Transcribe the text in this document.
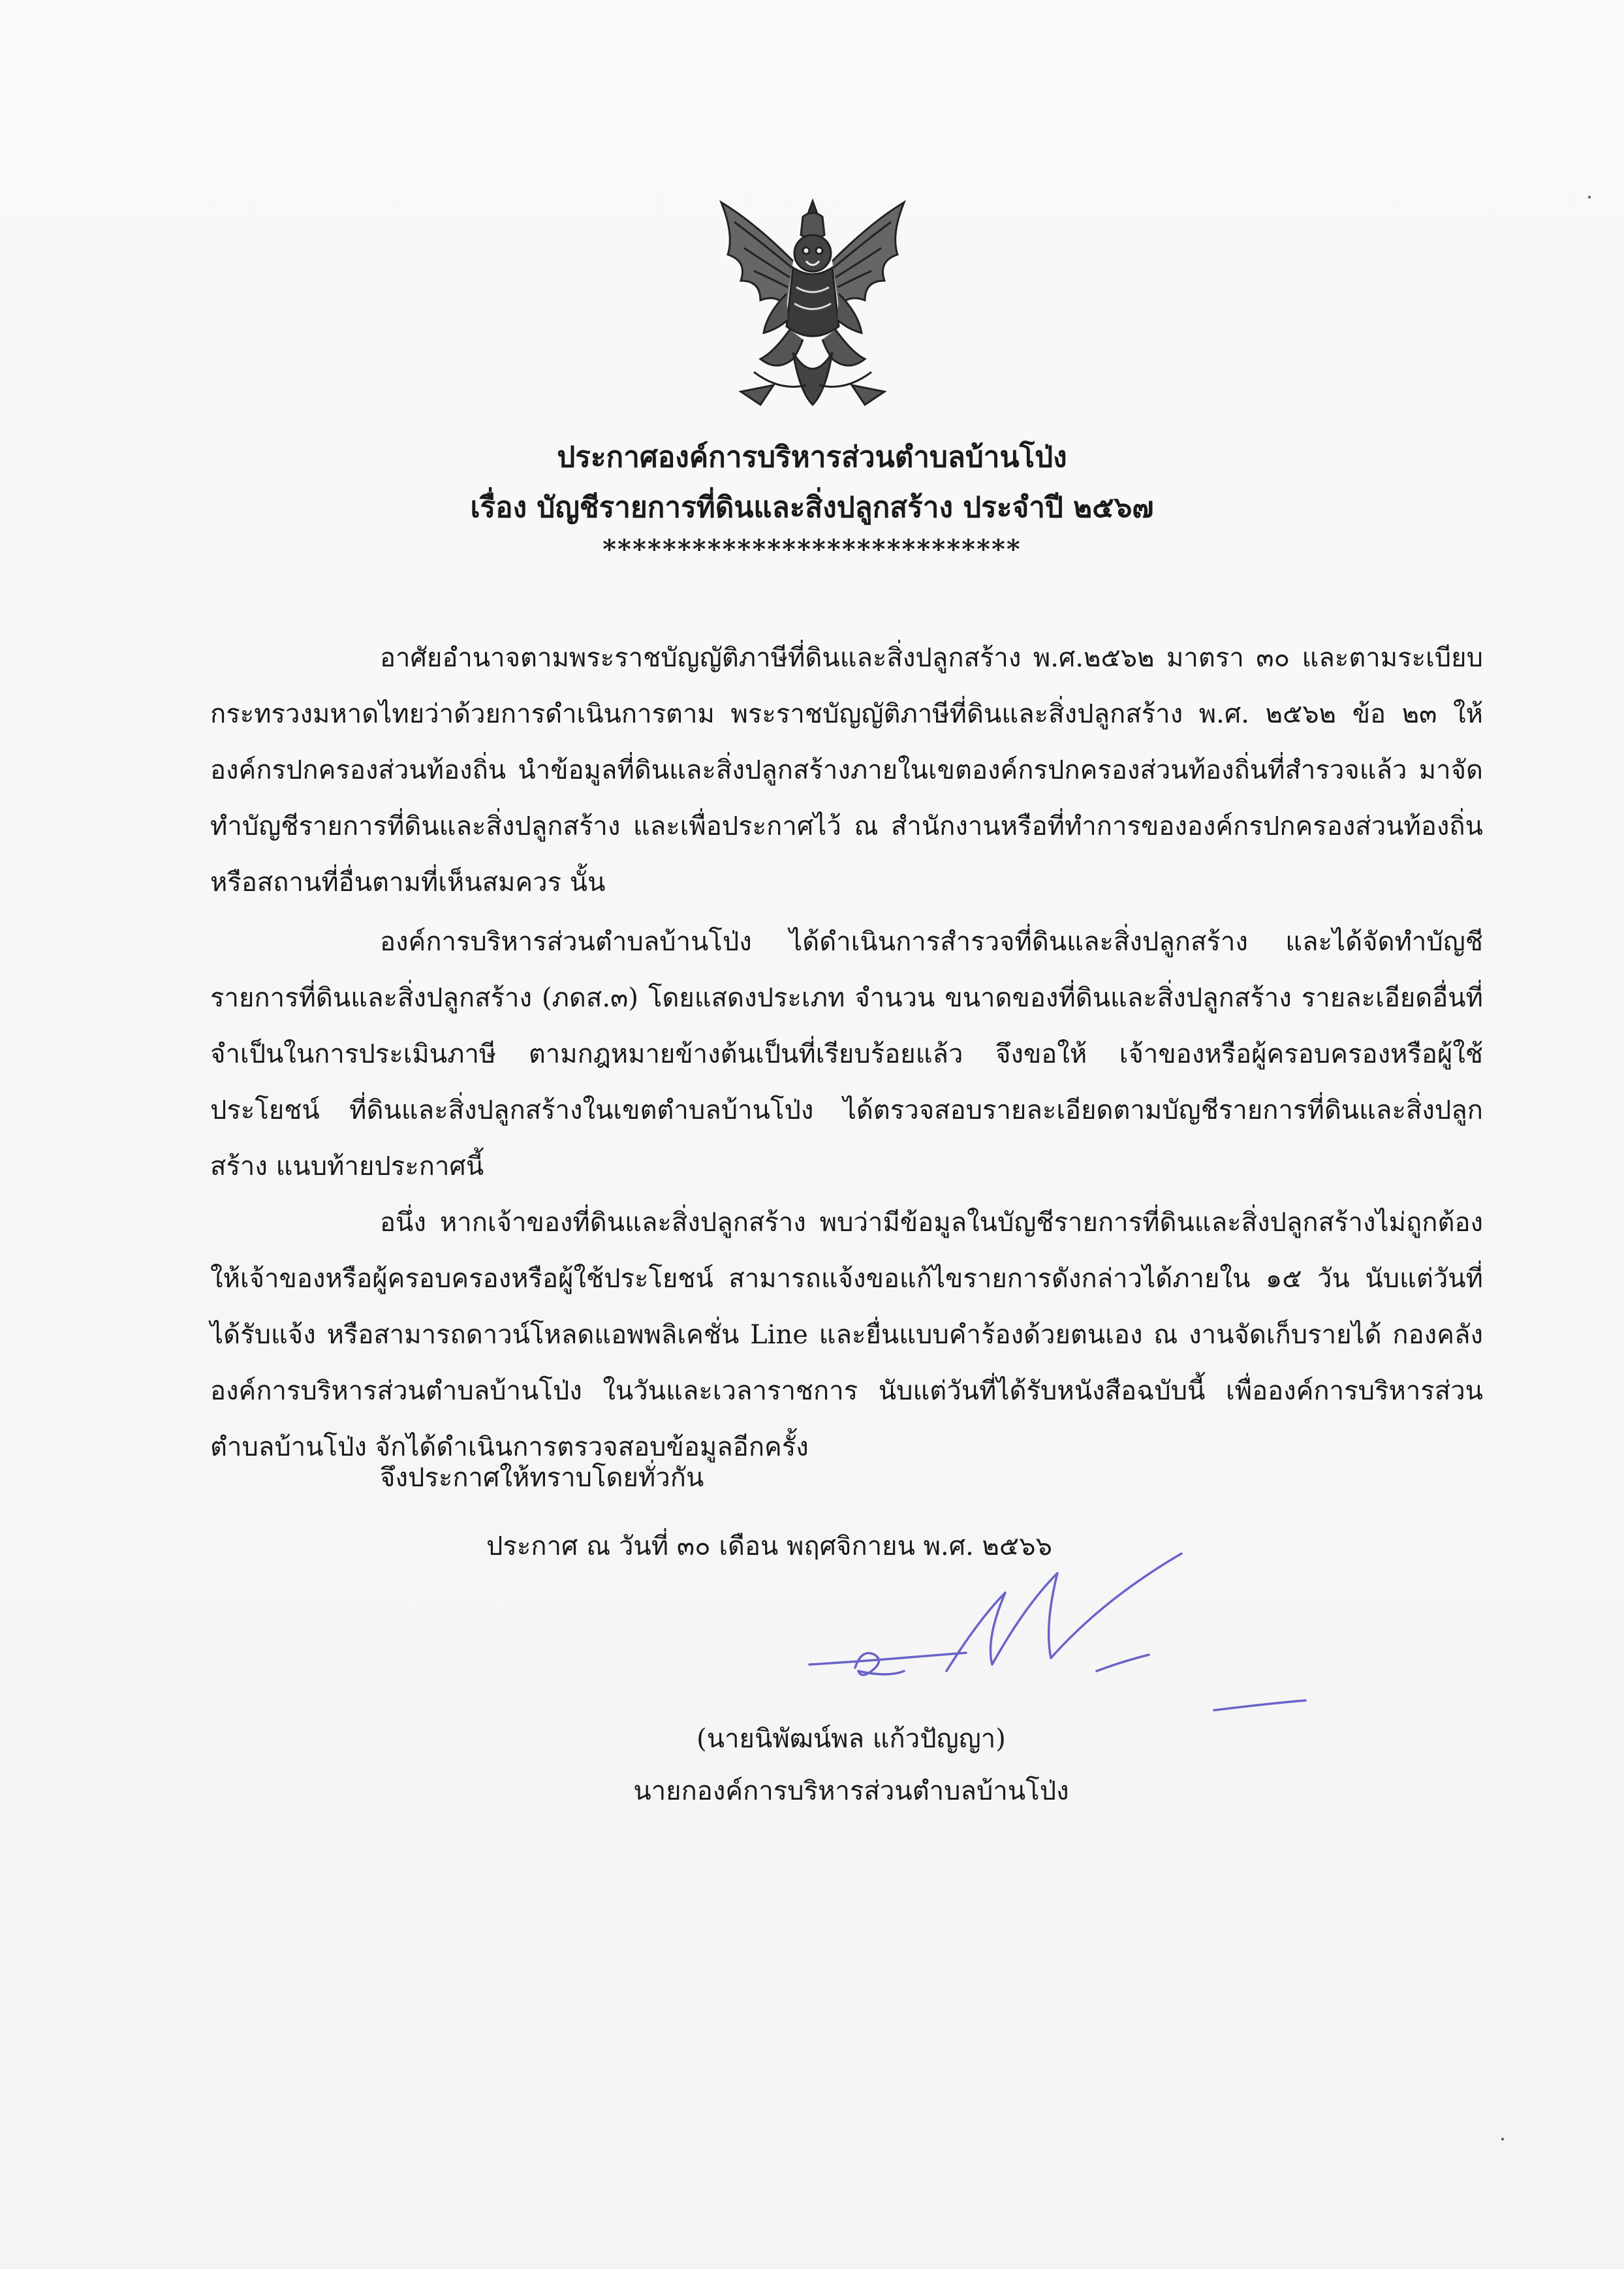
ประกาศองค์การบริหารส่วนตำบลบ้านโป่ง
เรื่อง บัญชีรายการที่ดินและสิ่งปลูกสร้าง ประจำปี ๒๕๖๗
****************************

อาศัยอำนาจตามพระราชบัญญัติภาษีที่ดินและสิ่งปลูกสร้าง พ.ศ.๒๕๖๒ มาตรา ๓๐ และตามระเบียบกระทรวงมหาดไทยว่าด้วยการดำเนินการตาม พระราชบัญญัติภาษีที่ดินและสิ่งปลูกสร้าง พ.ศ. ๒๕๖๒ ข้อ ๒๓ ให้องค์กรปกครองส่วนท้องถิ่น นำข้อมูลที่ดินและสิ่งปลูกสร้างภายในเขตองค์กรปกครองส่วนท้องถิ่นที่สำรวจแล้ว มาจัดทำบัญชีรายการที่ดินและสิ่งปลูกสร้าง และเพื่อประกาศไว้ ณ สำนักงานหรือที่ทำการขององค์กรปกครองส่วนท้องถิ่น หรือสถานที่อื่นตามที่เห็นสมควร นั้น

องค์การบริหารส่วนตำบลบ้านโป่ง ได้ดำเนินการสำรวจที่ดินและสิ่งปลูกสร้าง และได้จัดทำบัญชีรายการที่ดินและสิ่งปลูกสร้าง (ภดส.๓) โดยแสดงประเภท จำนวน ขนาดของที่ดินและสิ่งปลูกสร้าง รายละเอียดอื่นที่จำเป็นในการประเมินภาษี ตามกฎหมายข้างต้นเป็นที่เรียบร้อยแล้ว จึงขอให้ เจ้าของหรือผู้ครอบครองหรือผู้ใช้ประโยชน์ ที่ดินและสิ่งปลูกสร้างในเขตตำบลบ้านโป่ง ได้ตรวจสอบรายละเอียดตามบัญชีรายการที่ดินและสิ่งปลูกสร้าง แนบท้ายประกาศนี้

อนึ่ง หากเจ้าของที่ดินและสิ่งปลูกสร้าง พบว่ามีข้อมูลในบัญชีรายการที่ดินและสิ่งปลูกสร้างไม่ถูกต้อง ให้เจ้าของหรือผู้ครอบครองหรือผู้ใช้ประโยชน์ สามารถแจ้งขอแก้ไขรายการดังกล่าวได้ภายใน ๑๕ วัน นับแต่วันที่ได้รับแจ้ง หรือสามารถดาวน์โหลดแอพพลิเคชั่น Line และยื่นแบบคำร้องด้วยตนเอง ณ งานจัดเก็บรายได้ กองคลัง องค์การบริหารส่วนตำบลบ้านโป่ง ในวันและเวลาราชการ นับแต่วันที่ได้รับหนังสือฉบับนี้ เพื่อองค์การบริหารส่วนตำบลบ้านโป่ง จักได้ดำเนินการตรวจสอบข้อมูลอีกครั้ง

จึงประกาศให้ทราบโดยทั่วกัน
ประกาศ ณ วันที่ ๓๐ เดือน พฤศจิกายน พ.ศ. ๒๕๖๖
(นายนิพัฒน์พล แก้วปัญญา)
นายกองค์การบริหารส่วนตำบลบ้านโป่ง
